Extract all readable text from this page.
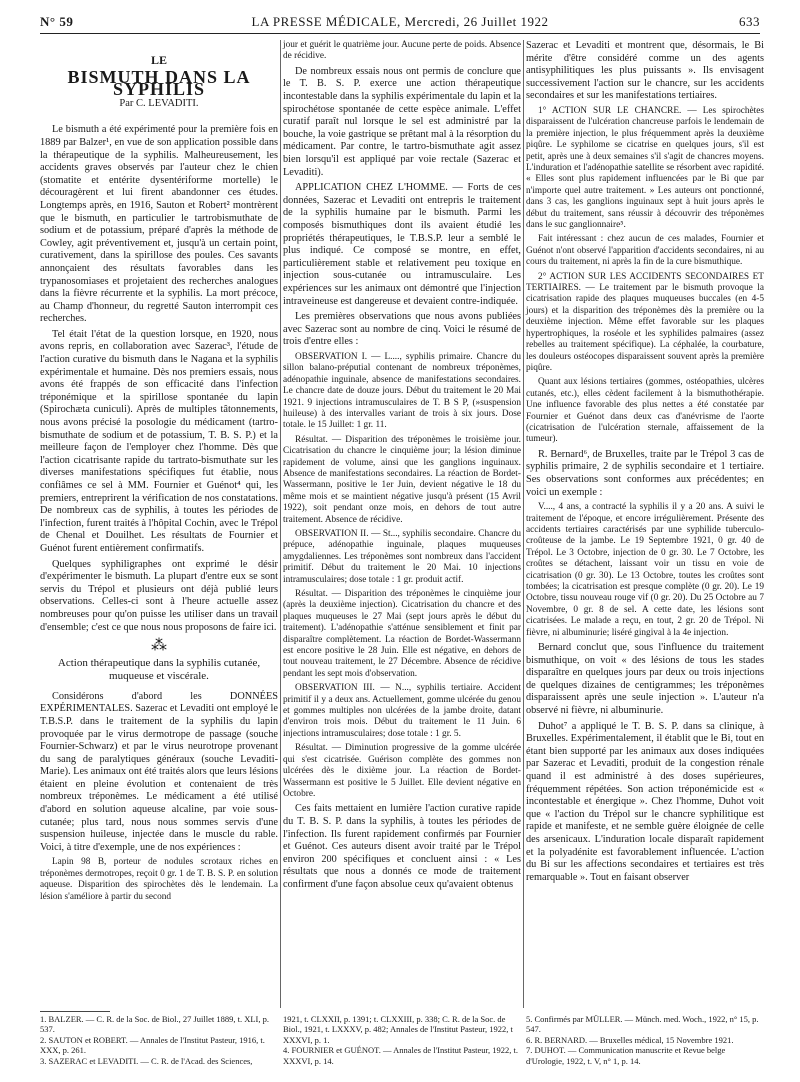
N° 59	LA PRESSE MÉDICALE, Mercredi, 26 Juillet 1922	633
LE
BISMUTH DANS LA SYPHILIS
Par C. LEVADITI.

Le bismuth a été expérimenté pour la première fois en 1889 par Balzer¹, en vue de son application possible dans la thérapeutique de la syphilis. Malheureusement, les accidents graves observés par l'auteur chez le chien (stomatite et entérite dysentériforme mortelle) le découragèrent et lui firent abandonner ces études. Longtemps après, en 1916, Sauton et Robert² montrèrent que le bismuth, en particulier le tartrobismuthate de sodium et de potassium, préparé d'après la méthode de Cowley, agit préventivement et, jusqu'à un certain point, curativement, dans la spirillose des poules. Ces savants annonçaient des résultats favorables dans les trypanosomiases et projetaient des recherches analogues dans la fièvre récurrente et la syphilis. La mort précoce, au Champ d'honneur, du regretté Sauton interrompit ces recherches.

Tel était l'état de la question lorsque, en 1920, nous avons repris, en collaboration avec Sazerac³, l'étude de l'action curative du bismuth dans le Nagana et la syphilis expérimentale et humaine. Dès nos premiers essais, nous avons été frappés de son efficacité dans l'infection tréponémique et la spirillose spontanée du lapin (Spirochæta cuniculi). Après de multiples tâtonnements, nous avons précisé la posologie du médicament (tartro-bismuthate de sodium et de potassium, T. B. S. P.) et la meilleure façon de l'employer chez l'homme. Dès que l'action cicatrisante rapide du tartrato-bismuthate sur les diverses manifestations spécifiques fut établie, nous confiâmes ce sel à MM. Fournier et Guénot⁴ qui, les premiers, entreprirent la vérification de nos constatations. De nombreux cas de syphilis, à toutes les périodes de l'infection, furent traités à l'hôpital Cochin, avec le Trépol de Chenal et Douilhet. Les résultats de Fournier et Guénot furent entièrement confirmatifs.

Quelques syphiligraphes ont exprimé le désir d'expérimenter le bismuth. La plupart d'entre eux se sont servis du Trépol et plusieurs ont déjà publié leurs observations. Celles-ci sont à l'heure actuelle assez nombreuses pour qu'on puisse les utiliser dans un travail d'ensemble; c'est ce que nous nous proposons de faire ici.

⁂
Action thérapeutique dans la syphilis cutanée, muqueuse et viscérale.

Considérons d'abord les DONNÉES EXPÉRIMENTALES. Sazerac et Levaditi ont employé le T.B.S.P. dans le traitement de la syphilis du lapin provoquée par le virus dermotrope de passage (souche Fournier-Schwarz) et par le virus neurotrope provenant du sang de paralytiques généraux (souche Levaditi-Marie). Les animaux ont été traités alors que leurs lésions étaient en pleine évolution et contenaient de très nombreux tréponèmes. Le médicament a été utilisé d'abord en solution aqueuse alcaline, par voie sous-cutanée; plus tard, nous nous sommes servis d'une suspension huileuse, injectée dans le muscle du rable. Voici, à titre d'exemple, une de nos expériences :

Lapin 98 B, porteur de nodules scrotaux riches en tréponèmes dermotropes, reçoit 0 gr. 1 de T. B. S. P. en solution aqueuse. Disparition des spirochètes dès le lendemain. La lésion s'améliore à partir du second

jour et guérit le quatrième jour. Aucune perte de poids. Absence de récidive.

De nombreux essais nous ont permis de conclure que le T. B. S. P. exerce une action thérapeutique incontestable dans la syphilis expérimentale du lapin et la spirochétose spontanée de cette espèce animale. L'effet curatif paraît nul lorsque le sel est administré par la bouche, la voie gastrique se prêtant mal à la résorption du médicament. Par contre, le tartro-bismuthate agit assez bien lorsqu'il est appliqué par voie rectale (Sazerac et Levaditi).

APPLICATION CHEZ L'HOMME. — Forts de ces données, Sazerac et Levaditi ont entrepris le traitement de la syphilis humaine par le bismuth. Parmi les composés bismuthiques dont ils avaient étudié les propriétés thérapeutiques, le T.B.S.P. leur a semblé le plus indiqué. Ce composé se montre, en effet, particulièrement stable et relativement peu toxique en injection sous-cutanée ou intramusculaire. Les expériences sur les animaux ont démontré que l'injection intraveineuse est dangereuse et devaient contre-indiquée.

Les premières observations que nous avons publiées avec Sazerac sont au nombre de cinq. Voici le résumé de trois d'entre elles :

OBSERVATION I. — L...., syphilis primaire. Chancre du sillon balano-préputial contenant de nombreux tréponèmes, adénopathie inguinale, absence de manifestations secondaires. Le chancre date de douze jours. Début du traitement le 20 Mai 1921. 9 injections intramusculaires de T. B S P, (»suspension huileuse) à des intervalles variant de trois à six jours. Dose totale. le 15 Juillet: 1 gr. 11.

Résultat. — Disparition des tréponèmes le troisième jour. Cicatrisation du chancre le cinquième jour; la lésion diminue rapidement de volume, ainsi que les ganglions inguinaux. Absence de manifestations secondaires. La réaction de Bordet-Wassermann, positive le 1er Juin, devient négative le 18 du même mois et se maintient négative jusqu'à présent (15 Avril 1922), soit pendant onze mois, en dehors de tout autre traitement. Absence de récidive.

OBSERVATION II. — St..., syphilis secondaire. Chancre du prépuce, adénopathie inguinale, plaques muqueuses amygdaliennes. Les tréponèmes sont nombreux dans l'accident primitif. Début du traitement le 20 Mai. 10 injections intramusculaires; dose totale : 1 gr. produit actif.

Résultat. — Disparition des tréponèmes le cinquième jour (après la deuxième injection). Cicatrisation du chancre et des plaques muqueuses le 27 Mai (sept jours après le début du traitement). L'adénopathie s'atténue sensiblement et finit par disparaître complètement. La réaction de Bordet-Wassermann est encore positive le 28 Juin. Elle est négative, en dehors de tout nouveau traitement, le 27 Décembre. Absence de récidive pendant les sept mois d'observation.

OBSERVATION III. — N..., syphilis tertiaire. Accident primitif il y a deux ans. Actuellement, gomme ulcérée du genou et gommes multiples non ulcérées de la jambe droite, datant d'environ trois mois. Début du traitement le 11 Juin. 6 injections intramusculaires; dose totale : 1 gr. 5.

Résultat. — Diminution progressive de la gomme ulcérée qui s'est cicatrisée. Guérison complète des gommes non ulcérées dès le dixième jour. La réaction de Bordet-Wassermann est positive le 5 Juillet. Elle devient négative en Octobre.

Ces faits mettaient en lumière l'action curative rapide du T. B. S. P. dans la syphilis, à toutes les périodes de l'infection. Ils furent rapidement confirmés par Fournier et Guénot. Ces auteurs disent avoir traité par le Trépol environ 200 spécifiques et concluent ainsi : « Les résultats que nous a donnés ce mode de traitement confirment d'une façon absolue ceux qu'avaient obtenus

Sazerac et Levaditi et montrent que, désormais, le Bi mérite d'être considéré comme un des agents antisyphilitiques les plus puissants ». Ils envisagent successivement l'action sur le chancre, sur les accidents secondaires et sur les manifestations tertiaires.

1° ACTION SUR LE CHANCRE. — Les spirochètes disparaissent de l'ulcération chancreuse parfois le lendemain de la première injection, le plus fréquemment après la deuxième piqûre. Le syphilome se cicatrise en quelques jours, s'il est petit, après une à deux semaines s'il s'agit de chancres moyens. L'induration et l'adénopathie satellite se résorbent avec rapidité. « Elles sont plus rapidement influencées par le Bi que par n'importe quel autre traitement. » Les auteurs ont ponctionné, dans 3 cas, les ganglions inguinaux sept à huit jours après le début du traitement, sans réussir à découvrir des tréponèmes dans le suc ganglionnaire⁵.

Fait intéressant : chez aucun de ces malades, Fournier et Guénot n'ont observé l'apparition d'accidents secondaires, ni au cours du traitement, ni après la fin de la cure bismuthique.

2° ACTION SUR LES ACCIDENTS SECONDAIRES ET TERTIAIRES. — Le traitement par le bismuth provoque la cicatrisation rapide des plaques muqueuses buccales (en 4-5 jours) et la disparition des tréponèmes dès la première ou la deuxième injection. Même effet favorable sur les plaques hypertrophiques, la roséole et les syphilides palmaires (assez rebelles au traitement spécifique). La céphalée, la courbature, les douleurs ostéocopes disparaissent souvent après la première piqûre.

Quant aux lésions tertiaires (gommes, ostéopathies, ulcères cutanés, etc.), elles cèdent facilement à la bismuthothérapie. Une influence favorable des plus nettes a été constatée par Fournier et Guénot dans deux cas d'anévrisme de l'aorte (cicatrisation de l'ulcération sternale, affaissement de la tumeur).

R. Bernard⁶, de Bruxelles, traite par le Trépol 3 cas de syphilis primaire, 2 de syphilis secondaire et 1 tertiaire. Ses observations sont conformes aux précédentes; en voici un exemple :

V...., 4 ans, a contracté la syphilis il y a 20 ans. A suivi le traitement de l'époque, et encore irrégulièrement. Présente des accidents tertiaires caractérisés par une syphilide tuberculo-croûteuse de la jambe. Le 19 Septembre 1921, 0 gr. 40 de Trépol. Le 3 Octobre, injection de 0 gr. 30. Le 7 Octobre, les croûtes se détachent, laissant voir un tissu en voie de cicatrisation (0 gr. 30). Le 13 Octobre, toutes les croûtes sont tombées; la cicatrisation est presque complète (0 gr. 20). Le 19 Octobre, tissu nouveau rouge vif (0 gr. 20). Du 25 Octobre au 7 Novembre, 0 gr. 8 de sel. A cette date, les lésions sont cicatrisées. Le malade a reçu, en tout, 2 gr. 20 de Trépol. Ni fièvre, ni albuminurie; liséré gingival à la 4e injection.

Bernard conclut que, sous l'influence du traitement bismuthique, on voit « des lésions de tous les stades disparaître en quelques jours par deux ou trois injections de quelques dizaines de centigrammes; les tréponèmes disparaissent après une seule injection ». L'auteur n'a observé ni fièvre, ni albuminurie.

Duhot⁷ a appliqué le T. B. S. P. dans sa clinique, à Bruxelles. Expérimentalement, il établit que le Bi, tout en étant bien supporté par les animaux aux doses indiquées par Sazerac et Levaditi, produit de la congestion rénale quand il est administré à des doses supérieures, fréquemment répétées. Son action tréponémicide est « incontestable et énergique ». Chez l'homme, Duhot voit que « l'action du Trépol sur le chancre syphilitique est rapide et manifeste, et ne semble guère éloignée de celle des arsenicaux. L'induration locale disparaît rapidement et la polyadénite est favorablement influencée. L'action du Bi sur les affections secondaires et tertiaires est très remarquable ». Tout en faisant observer

1. BALZER. — C. R. de la Soc. de Biol., 27 Juillet 1889, t. XLI, p. 537.
2. SAUTON et ROBERT. — Annales de l'Institut Pasteur, 1916, t. XXX, p. 261.
3. SAZERAC et LEVADITI. — C. R. de l'Acad. des Sciences,
1921, t. CLXXII, p. 1391; t. CLXXIII, p. 338; C. R. de la Soc. de Biol., 1921, t. LXXXV, p. 482; Annales de l'Institut Pasteur, 1922, t XXXVI, p. 1.
4. FOURNIER et GUÉNOT. — Annales de l'Institut Pasteur, 1922, t. XXXVI, p. 14.
5. Confirmés par MÜLLER. — Münch. med. Woch., 1922, n° 15, p. 547.
6. R. BERNARD. — Bruxelles médical, 15 Novembre 1921.
7. DUHOT. — Communication manuscrite et Revue belge d'Urologie, 1922, t. V, n° 1, p. 14.
